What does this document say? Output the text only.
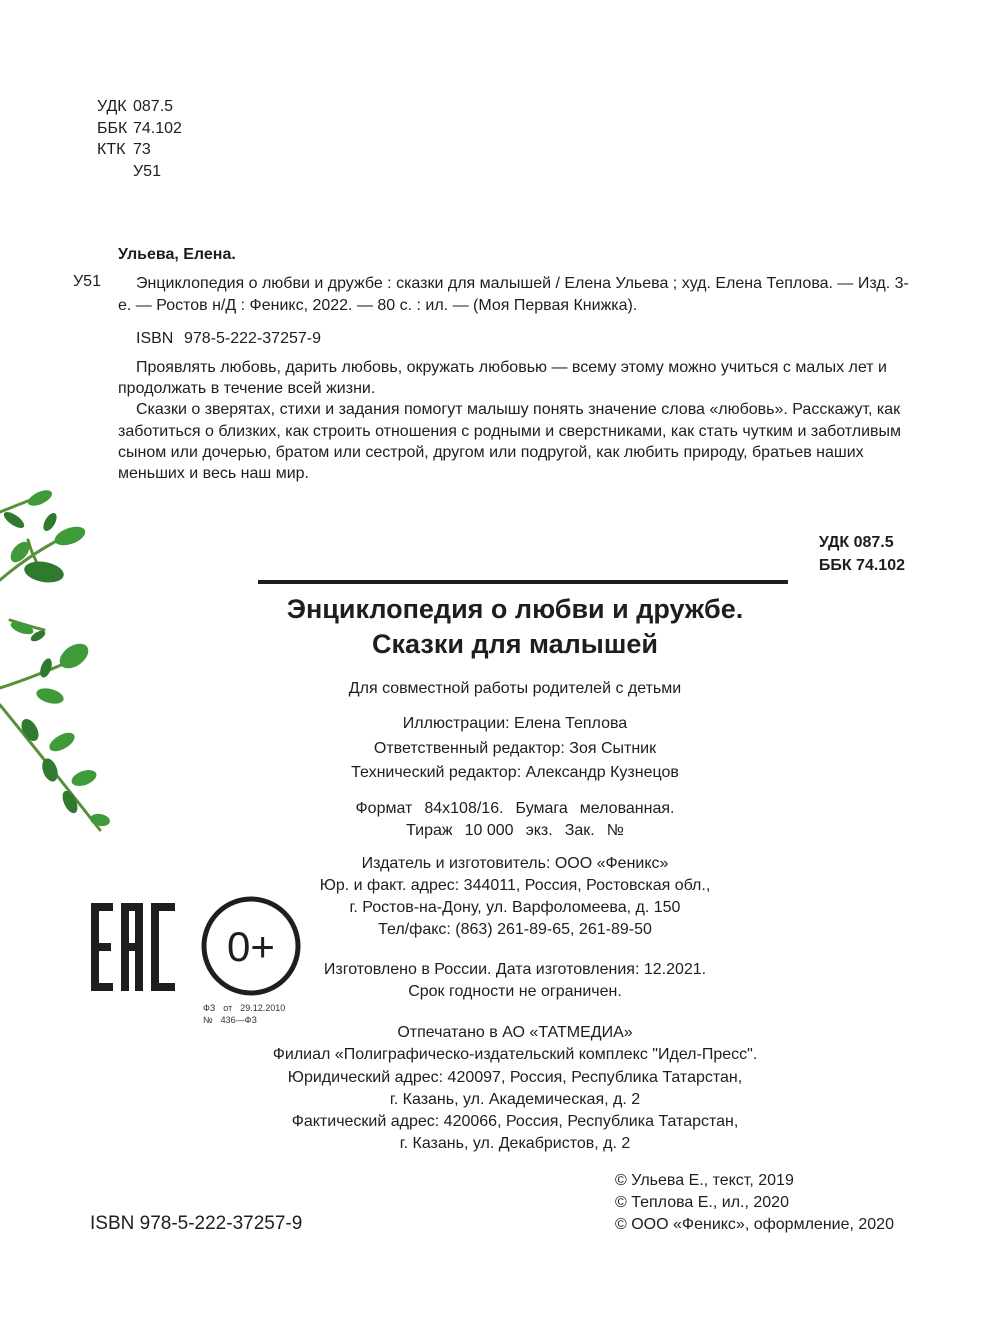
УДК 087.5
ББК 74.102
КТК 73
У51
Ульева, Елена.
У51	Энциклопедия о любви и дружбе : сказки для малышей / Елена Ульева ; худ. Елена Теплова. — Изд. 3-е. — Ростов н/Д : Феникс, 2022. — 80 с. : ил. — (Моя Первая Книжка).
ISBN 978-5-222-37257-9

Проявлять любовь, дарить любовь, окружать любовью — всему этому можно учиться с малых лет и продолжать в течение всей жизни.

Сказки о зверятах, стихи и задания помогут малышу понять значение слова «любовь». Расскажут, как заботиться о близких, как строить отношения с родными и сверстниками, как стать чутким и заботливым сыном или дочерью, братом или сестрой, другом или подругой, как любить природу, братьев наших меньших и весь наш мир.

УДК 087.5
ББК 74.102
Энциклопедия о любви и дружбе.
Сказки для малышей
Для совместной работы родителей с детьми
Иллюстрации: Елена Теплова
Ответственный редактор: Зоя Сытник
Технический редактор: Александр Кузнецов
Формат 84x108/16. Бумага мелованная.
Тираж 10 000 экз. Зак. №
Издатель и изготовитель: ООО «Феникс»
Юр. и факт. адрес: 344011, Россия, Ростовская обл.,
г. Ростов-на-Дону, ул. Варфоломеева, д. 150
Тел/факс: (863) 261-89-65, 261-89-50
Изготовлено в России. Дата изготовления: 12.2021.
Срок годности не ограничен.
Отпечатано в АО «ТАТМЕДИА»
Филиал «Полиграфическо-издательский комплекс "Идел-Пресс".
Юридический адрес: 420097, Россия, Республика Татарстан,
г. Казань, ул. Академическая, д. 2
Фактический адрес: 420066, Россия, Республика Татарстан,
г. Казань, ул. Декабристов, д. 2
0+
ФЗ от 29.12.2010
№ 436—ФЗ
© Ульева Е., текст, 2019
© Теплова Е., ил., 2020
© ООО «Феникс», оформление, 2020
ISBN 978-5-222-37257-9
